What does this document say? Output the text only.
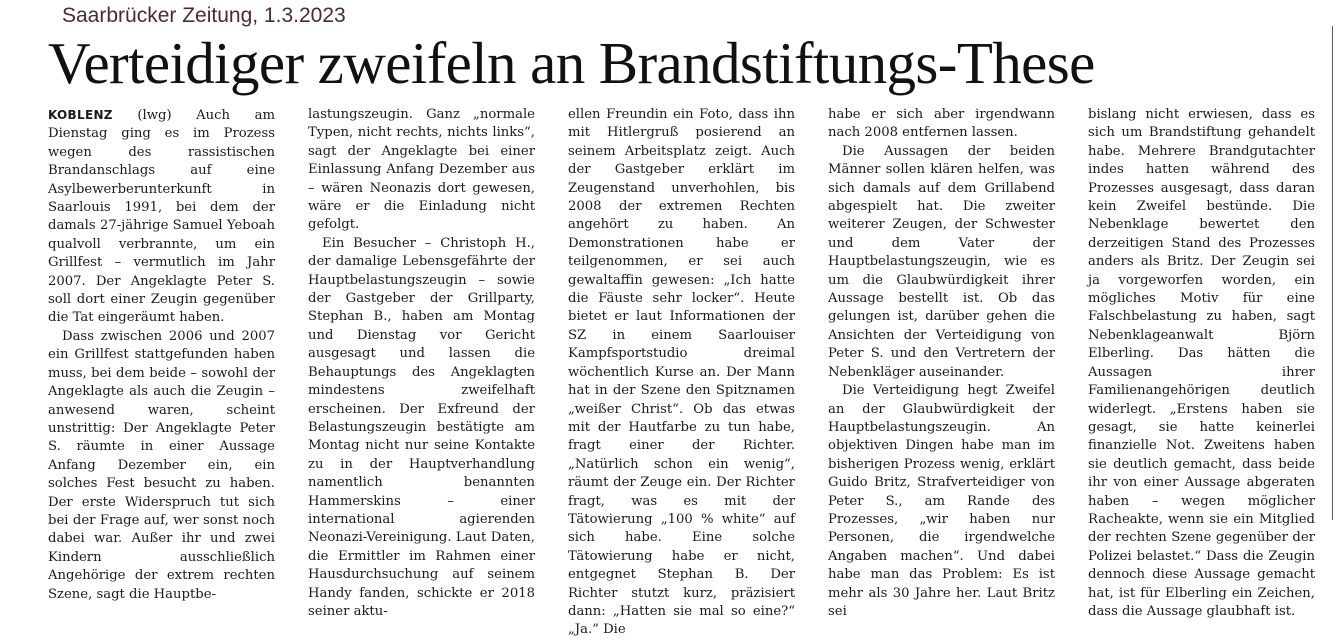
Saarbrücker Zeitung, 1.3.2023
Verteidiger zweifeln an Brandstiftungs-These

KOBLENZ (lwg) Auch am Dienstag ging es im Prozess wegen des rassistischen Brandanschlags auf eine Asylbewerberunterkunft in Saarlouis 1991, bei dem der damals 27-jährige Samuel Yeboah qualvoll verbrannte, um ein Grillfest – vermutlich im Jahr 2007. Der Angeklagte Peter S. soll dort einer Zeugin gegenüber die Tat eingeräumt haben.

Dass zwischen 2006 und 2007 ein Grillfest stattgefunden haben muss, bei dem beide – sowohl der Angeklagte als auch die Zeugin – anwesend waren, scheint unstrittig: Der Angeklagte Peter S. räumte in einer Aussage Anfang Dezember ein, ein solches Fest besucht zu haben. Der erste Widerspruch tut sich bei der Frage auf, wer sonst noch dabei war. Außer ihr und zwei Kindern ausschließlich Angehörige der extrem rechten Szene, sagt die Hauptbe-

lastungszeugin. Ganz „normale Typen, nicht rechts, nichts links“, sagt der Angeklagte bei einer Einlassung Anfang Dezember aus – wären Neonazis dort gewesen, wäre er die Einladung nicht gefolgt.

Ein Besucher – Christoph H., der damalige Lebensgefährte der Hauptbelastungszeugin – sowie der Gastgeber der Grillparty, Stephan B., haben am Montag und Dienstag vor Gericht ausgesagt und lassen die Behauptungs des Angeklagten mindestens zweifelhaft erscheinen. Der Exfreund der Belastungszeugin bestätigte am Montag nicht nur seine Kontakte zu in der Hauptverhandlung namentlich benannten Hammerskins – einer international agierenden Neonazi-Vereinigung. Laut Daten, die Ermittler im Rahmen einer Hausdurchsuchung auf seinem Handy fanden, schickte er 2018 seiner aktu-

ellen Freundin ein Foto, dass ihn mit Hitlergruß posierend an seinem Arbeitsplatz zeigt. Auch der Gastgeber erklärt im Zeugenstand unverhohlen, bis 2008 der extremen Rechten angehört zu haben. An Demonstrationen habe er teilgenommen, er sei auch gewaltaffin gewesen: „Ich hatte die Fäuste sehr locker“. Heute bietet er laut Informationen der SZ in einem Saarlouiser Kampfsportstudio dreimal wöchentlich Kurse an. Der Mann hat in der Szene den Spitznamen „weißer Christ“. Ob das etwas mit der Hautfarbe zu tun habe, fragt einer der Richter. „Natürlich schon ein wenig“, räumt der Zeuge ein. Der Richter fragt, was es mit der Tätowierung „100 % white“ auf sich habe. Eine solche Tätowierung habe er nicht, entgegnet Stephan B. Der Richter stutzt kurz, präzisiert dann: „Hatten sie mal so eine?“ „Ja.“ Die

habe er sich aber irgendwann nach 2008 entfernen lassen.

Die Aussagen der beiden Männer sollen klären helfen, was sich damals auf dem Grillabend abgespielt hat. Die zweiter weiterer Zeugen, der Schwester und dem Vater der Hauptbelastungszeugin, wie es um die Glaubwürdigkeit ihrer Aussage bestellt ist. Ob das gelungen ist, darüber gehen die Ansichten der Verteidigung von Peter S. und den Vertretern der Nebenkläger auseinander.

Die Verteidigung hegt Zweifel an der Glaubwürdigkeit der Hauptbelastungszeugin. An objektiven Dingen habe man im bisherigen Prozess wenig, erklärt Guido Britz, Strafverteidiger von Peter S., am Rande des Prozesses, „wir haben nur Personen, die irgendwelche Angaben machen“. Und dabei habe man das Problem: Es ist mehr als 30 Jahre her. Laut Britz sei

bislang nicht erwiesen, dass es sich um Brandstiftung gehandelt habe. Mehrere Brandgutachter indes hatten während des Prozesses ausgesagt, dass daran kein Zweifel bestünde. Die Nebenklage bewertet den derzeitigen Stand des Prozesses anders als Britz. Der Zeugin sei ja vorgeworfen worden, ein mögliches Motiv für eine Falschbelastung zu haben, sagt Nebenklageanwalt Björn Elberling. Das hätten die Aussagen ihrer Familienangehörigen deutlich widerlegt. „Erstens haben sie gesagt, sie hatte keinerlei finanzielle Not. Zweitens haben sie deutlich gemacht, dass beide ihr von einer Aussage abgeraten haben – wegen möglicher Racheakte, wenn sie ein Mitglied der rechten Szene gegenüber der Polizei belastet.“ Dass die Zeugin dennoch diese Aussage gemacht hat, ist für Elberling ein Zeichen, dass die Aussage glaubhaft ist.
